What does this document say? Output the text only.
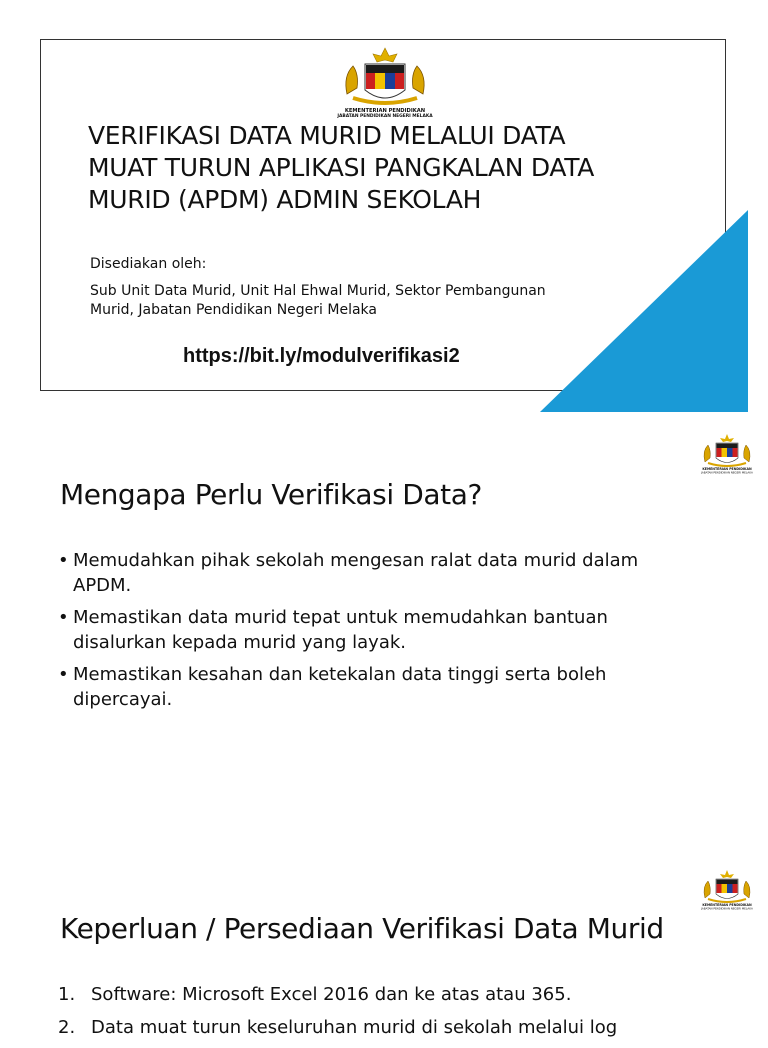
KEMENTERIAN PENDIDIKAN
JABATAN PENDIDIKAN NEGERI MELAKA
VERIFIKASI DATA MURID MELALUI DATA
MUAT TURUN APLIKASI PANGKALAN DATA
MURID (APDM) ADMIN SEKOLAH
Disediakan oleh:
Sub Unit Data Murid, Unit Hal Ehwal Murid, Sektor Pembangunan Murid, Jabatan Pendidikan Negeri Melaka
https://bit.ly/modulverifikasi2
KEMENTERIAN PENDIDIKAN
JABATAN PENDIDIKAN NEGERI MELAKA
Mengapa Perlu Verifikasi Data?
• Memudahkan pihak sekolah mengesan ralat data murid dalam APDM.
• Memastikan data murid tepat untuk memudahkan bantuan disalurkan kepada murid yang layak.
• Memastikan kesahan dan ketekalan data tinggi serta boleh dipercayai.
KEMENTERIAN PENDIDIKAN
JABATAN PENDIDIKAN NEGERI MELAKA
Keperluan / Persediaan Verifikasi Data Murid
1. Software: Microsoft Excel 2016 dan ke atas atau 365.
2. Data muat turun keseluruhan murid di sekolah melalui log
